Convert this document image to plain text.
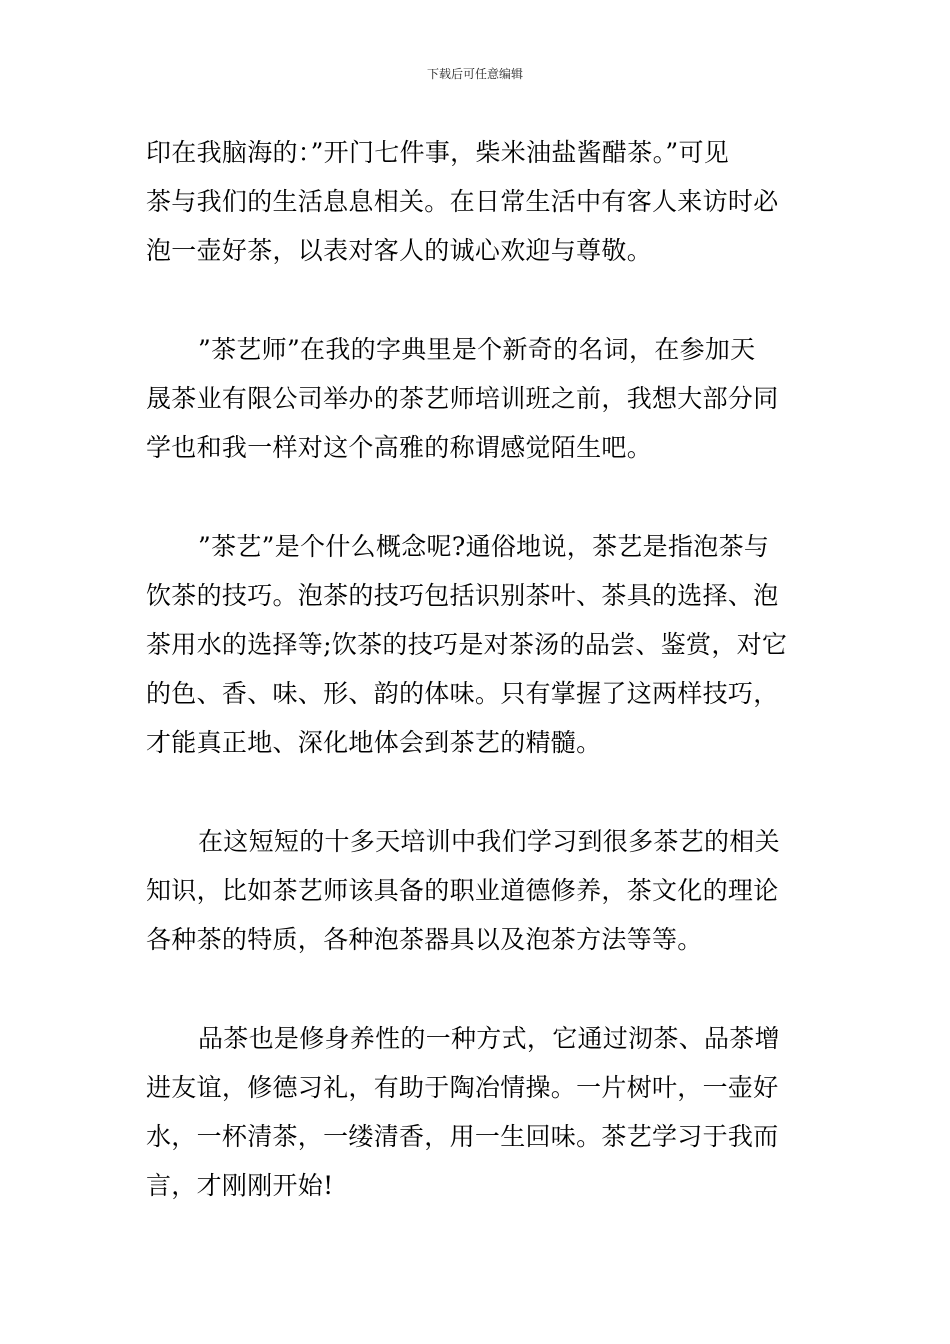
下载后可任意编辑

印在我脑海的：”开门七件事，柴米油盐酱醋茶。”可见
茶与我们的生活息息相关。在日常生活中有客人来访时必
泡一壶好茶，以表对客人的诚心欢迎与尊敬。

”茶艺师”在我的字典里是个新奇的名词，在参加天
晟茶业有限公司举办的茶艺师培训班之前，我想大部分同
学也和我一样对这个高雅的称谓感觉陌生吧。

”茶艺”是个什么概念呢?通俗地说，茶艺是指泡茶与
饮茶的技巧。泡茶的技巧包括识别茶叶、茶具的选择、泡
茶用水的选择等;饮茶的技巧是对茶汤的品尝、鉴赏，对它
的色、香、味、形、韵的体味。只有掌握了这两样技巧，
才能真正地、深化地体会到茶艺的精髓。

在这短短的十多天培训中我们学习到很多茶艺的相关
知识，比如茶艺师该具备的职业道德修养，茶文化的理论
各种茶的特质，各种泡茶器具以及泡茶方法等等。

品茶也是修身养性的一种方式，它通过沏茶、品茶增
进友谊，修德习礼，有助于陶冶情操。一片树叶，一壶好
水，一杯清茶，一缕清香，用一生回味。茶艺学习于我而
言，才刚刚开始!
